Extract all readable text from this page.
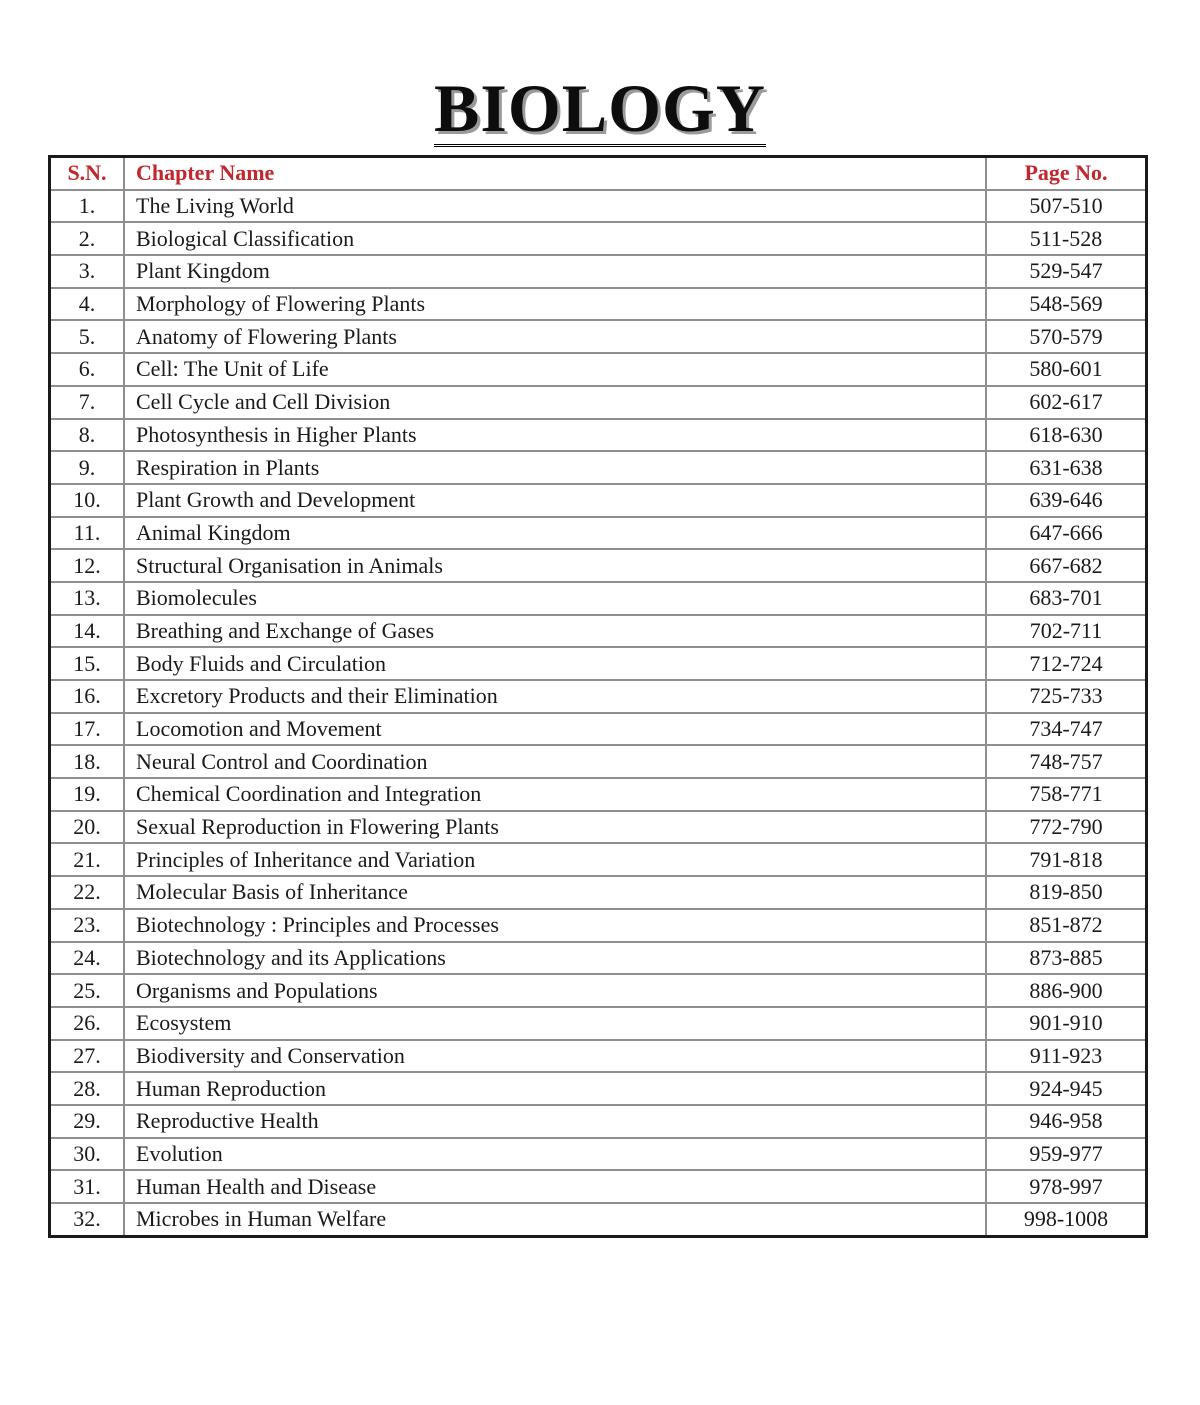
BIOLOGY
S.N.	Chapter Name	Page No.
1.	The Living World	507-510
2.	Biological Classification	511-528
3.	Plant Kingdom	529-547
4.	Morphology of Flowering Plants	548-569
5.	Anatomy of Flowering Plants	570-579
6.	Cell: The Unit of Life	580-601
7.	Cell Cycle and Cell Division	602-617
8.	Photosynthesis in Higher Plants	618-630
9.	Respiration in Plants	631-638
10.	Plant Growth and Development	639-646
11.	Animal Kingdom	647-666
12.	Structural Organisation in Animals	667-682
13.	Biomolecules	683-701
14.	Breathing and Exchange of Gases	702-711
15.	Body Fluids and Circulation	712-724
16.	Excretory Products and their Elimination	725-733
17.	Locomotion and Movement	734-747
18.	Neural Control and Coordination	748-757
19.	Chemical Coordination and Integration	758-771
20.	Sexual Reproduction in Flowering Plants	772-790
21.	Principles of Inheritance and Variation	791-818
22.	Molecular Basis of Inheritance	819-850
23.	Biotechnology : Principles and Processes	851-872
24.	Biotechnology and its Applications	873-885
25.	Organisms and Populations	886-900
26.	Ecosystem	901-910
27.	Biodiversity and Conservation	911-923
28.	Human Reproduction	924-945
29.	Reproductive Health	946-958
30.	Evolution	959-977
31.	Human Health and Disease	978-997
32.	Microbes in Human Welfare	998-1008
